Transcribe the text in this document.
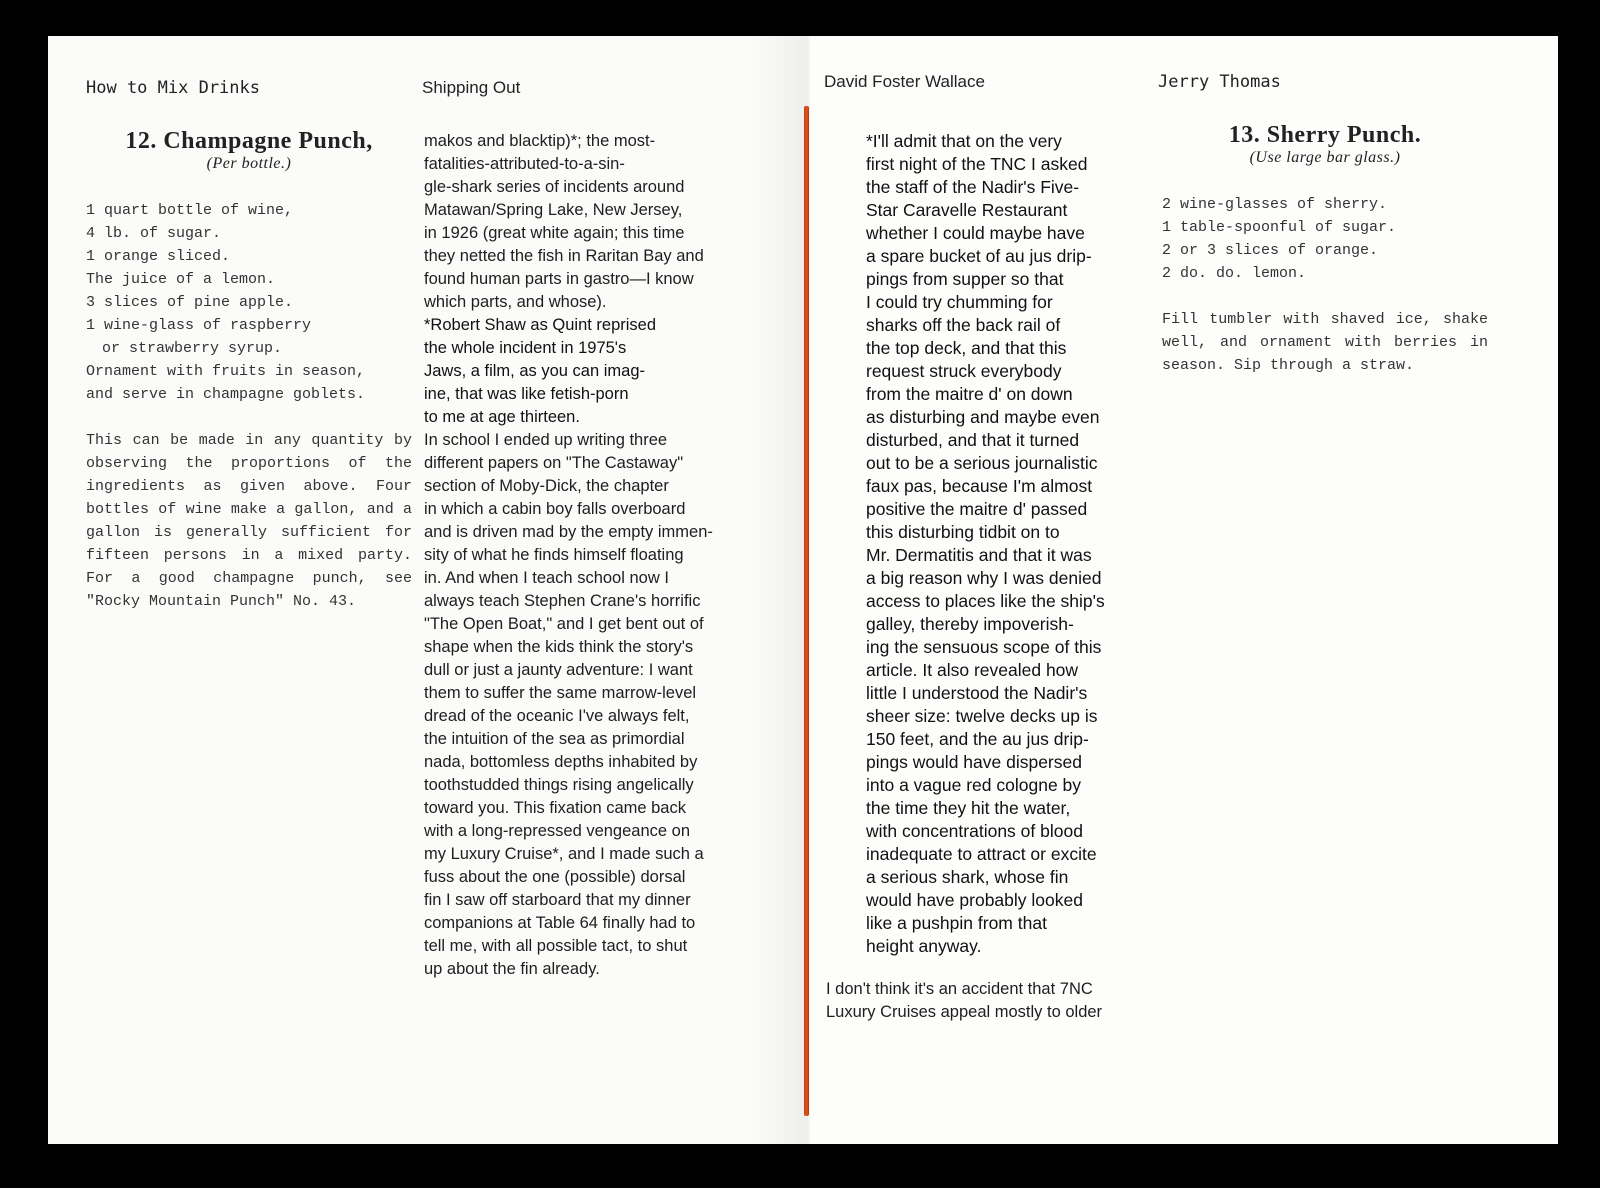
How to Mix Drinks	Shipping Out
12. Champagne Punch,

(Per bottle.)

1 quart bottle of wine,
4 lb. of sugar.
1 orange sliced.
The juice of a lemon.
3 slices of pine apple.
1 wine-glass of raspberry
or strawberry syrup.
Ornament with fruits in season,
and serve in champagne goblets.

This can be made in any quantity by observing the proportions of the ingredients as given above. Four bottles of wine make a gallon, and a gallon is generally sufficient for fifteen persons in a mixed party. For a good champagne punch, see "Rocky Mountain Punch" No. 43.

makos and blacktip)*; the most-
fatalities-attributed-to-a-sin-
gle-shark series of incidents around
Matawan/Spring Lake, New Jersey,
in 1926 (great white again; this time
they netted the fish in Raritan Bay and
found human parts in gastro—I know
which parts, and whose).

*Robert Shaw as Quint reprised
the whole incident in 1975's
Jaws, a film, as you can imag-
ine, that was like fetish-porn
to me at age thirteen.

In school I ended up writing three
different papers on "The Castaway"
section of Moby-Dick, the chapter
in which a cabin boy falls overboard
and is driven mad by the empty immen-
sity of what he finds himself floating
in. And when I teach school now I
always teach Stephen Crane's horrific
"The Open Boat," and I get bent out of
shape when the kids think the story's
dull or just a jaunty adventure: I want
them to suffer the same marrow-level
dread of the oceanic I've always felt,
the intuition of the sea as primordial
nada, bottomless depths inhabited by
toothstudded things rising angelically
toward you. This fixation came back
with a long-repressed vengeance on
my Luxury Cruise*, and I made such a
fuss about the one (possible) dorsal
fin I saw off starboard that my dinner
companions at Table 64 finally had to
tell me, with all possible tact, to shut
up about the fin already.

David Foster Wallace	Jerry Thomas

*I'll admit that on the very
first night of the TNC I asked
the staff of the Nadir's Five-
Star Caravelle Restaurant
whether I could maybe have
a spare bucket of au jus drip-
pings from supper so that
I could try chumming for
sharks off the back rail of
the top deck, and that this
request struck everybody
from the maitre d' on down
as disturbing and maybe even
disturbed, and that it turned
out to be a serious journalistic
faux pas, because I'm almost
positive the maitre d' passed
this disturbing tidbit on to
Mr. Dermatitis and that it was
a big reason why I was denied
access to places like the ship's
galley, thereby impoverish-
ing the sensuous scope of this
article. It also revealed how
little I understood the Nadir's
sheer size: twelve decks up is
150 feet, and the au jus drip-
pings would have dispersed
into a vague red cologne by
the time they hit the water,
with concentrations of blood
inadequate to attract or excite
a serious shark, whose fin
would have probably looked
like a pushpin from that
height anyway.

I don't think it's an accident that 7NC
Luxury Cruises appeal mostly to older

13. Sherry Punch.

(Use large bar glass.)

2 wine-glasses of sherry.
1 table-spoonful of sugar.
2 or 3 slices of orange.
2 do. do. lemon.

Fill tumbler with shaved ice, shake well, and ornament with berries in season. Sip through a straw.
